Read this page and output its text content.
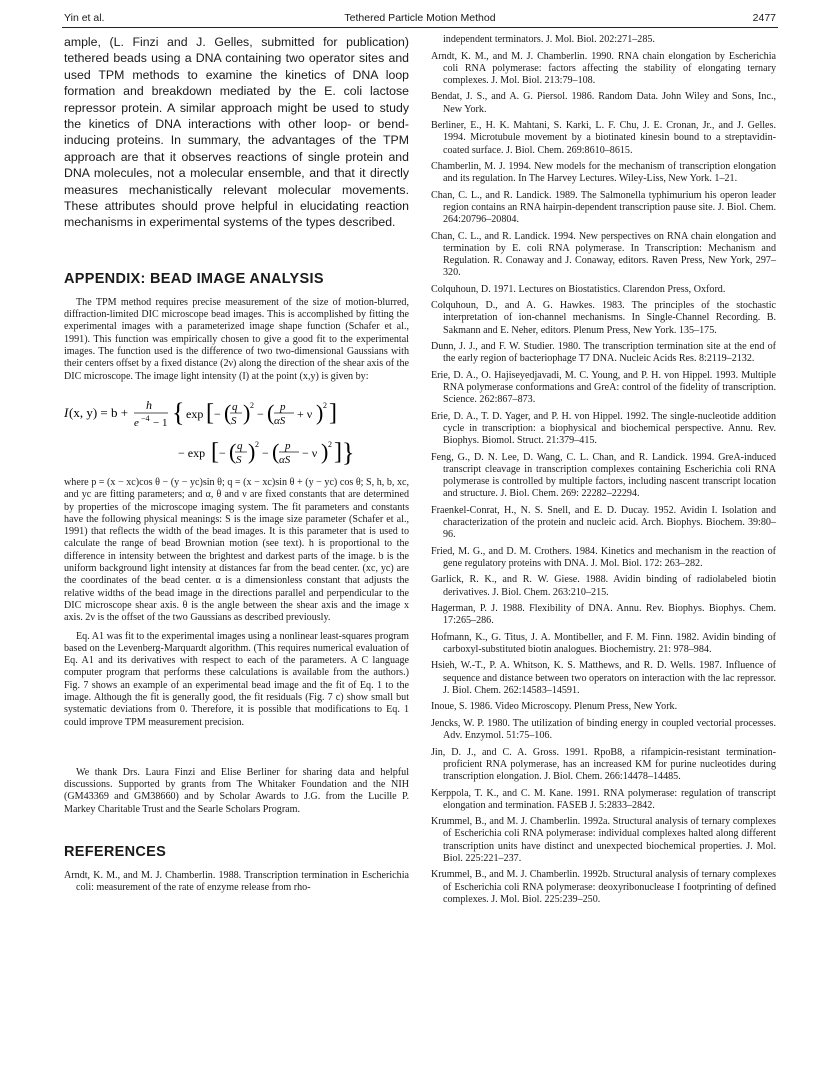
Yin et al.	Tethered Particle Motion Method	2477

ample, (L. Finzi and J. Gelles, submitted for publication) tethered beads using a DNA containing two operator sites and used TPM methods to examine the kinetics of DNA loop formation and breakdown mediated by the E. coli lactose repressor protein. A similar approach might be used to study the kinetics of DNA interactions with other loop- or bend-inducing proteins. In summary, the advantages of the TPM approach are that it observes reactions of single protein and DNA molecules, not a molecular ensemble, and that it directly measures mechanistically relevant molecular movements. These attributes should prove helpful in elucidating reaction mechanisms in experimental systems of the types described.

APPENDIX: BEAD IMAGE ANALYSIS

The TPM method requires precise measurement of the size of motion-blurred, diffraction-limited DIC microscope bead images. This is accomplished by fitting the experimental images with a parameterized image shape function (Schafer et al., 1991). This function was empirically chosen to give a good fit to the experimental images. The function used is the difference of two two-dimensional Gaussians with their centers offset by a fixed distance (2ν) along the direction of the shear axis of the DIC microscope. The image light intensity (I) at the point (x,y) is given by:

I (x, y) = b + h
e −4 − 1 { exp [ − ( q
S ) 2
− ( p
αS + ν ) 2 ]
− exp [ − ( q
S ) 2
− ( p
αS − ν ) 2 ] }

where p = (x − xc)cos θ − (y − yc)sin θ; q = (x − xc)sin θ + (y − yc) cos θ; S, h, b, xc, and yc are fitting parameters; and α, θ and ν are fixed constants that are determined by properties of the microscope imaging system. The fit parameters and constants have the following physical meanings: S is the image size parameter (Schafer et al., 1991) that reflects the width of the bead images. It is this parameter that is used to calculate the range of bead Brownian motion (see text). h is proportional to the difference in intensity between the brightest and darkest parts of the image. b is the uniform background light intensity at distances far from the bead center. (xc, yc) are the coordinates of the bead center. α is a dimensionless constant that adjusts the relative widths of the bead image in the directions parallel and perpendicular to the DIC microscope shear axis. θ is the angle between the shear axis and the image x axis. 2ν is the offset of the two Gaussians as described previously.

Eq. A1 was fit to the experimental images using a nonlinear least-squares program based on the Levenberg-Marquardt algorithm. (This requires numerical evaluation of Eq. A1 and its derivatives with respect to each of the parameters. A C language computer program that performs these calculations is available from the authors.) Fig. 7 shows an example of an experimental bead image and the fit of Eq. 1 to the image. Although the fit is generally good, the fit residuals (Fig. 7 c) show small but systematic deviations from 0. Therefore, it is possible that modifications to Eq. 1 could improve TPM measurement precision.

We thank Drs. Laura Finzi and Elise Berliner for sharing data and helpful discussions. Supported by grants from The Whitaker Foundation and the NIH (GM43369 and GM38660) and by Scholar Awards to J.G. from the Lucille P. Markey Charitable Trust and the Searle Scholars Program.

REFERENCES

Arndt, K. M., and M. J. Chamberlin. 1988. Transcription termination in Escherichia coli: measurement of the rate of enzyme release from rho-

independent terminators. J. Mol. Biol. 202:271–285.

Arndt, K. M., and M. J. Chamberlin. 1990. RNA chain elongation by Escherichia coli RNA polymerase: factors affecting the stability of elongating ternary complexes. J. Mol. Biol. 213:79–108.

Bendat, J. S., and A. G. Piersol. 1986. Random Data. John Wiley and Sons, Inc., New York.

Berliner, E., H. K. Mahtani, S. Karki, L. F. Chu, J. E. Cronan, Jr., and J. Gelles. 1994. Microtubule movement by a biotinated kinesin bound to a streptavidin-coated surface. J. Biol. Chem. 269:8610–8615.

Chamberlin, M. J. 1994. New models for the mechanism of transcription elongation and its regulation. In The Harvey Lectures. Wiley-Liss, New York. 1–21.

Chan, C. L., and R. Landick. 1989. The Salmonella typhimurium his operon leader region contains an RNA hairpin-dependent transcription pause site. J. Biol. Chem. 264:20796–20804.

Chan, C. L., and R. Landick. 1994. New perspectives on RNA chain elongation and termination by E. coli RNA polymerase. In Transcription: Mechanism and Regulation. R. Conaway and J. Conaway, editors. Raven Press, New York, 297–320.

Colquhoun, D. 1971. Lectures on Biostatistics. Clarendon Press, Oxford.

Colquhoun, D., and A. G. Hawkes. 1983. The principles of the stochastic interpretation of ion-channel mechanisms. In Single-Channel Recording. B. Sakmann and E. Neher, editors. Plenum Press, New York. 135–175.

Dunn, J. J., and F. W. Studier. 1980. The transcription termination site at the end of the early region of bacteriophage T7 DNA. Nucleic Acids Res. 8:2119–2132.

Erie, D. A., O. Hajiseyedjavadi, M. C. Young, and P. H. von Hippel. 1993. Multiple RNA polymerase conformations and GreA: control of the fidelity of transcription. Science. 262:867–873.

Erie, D. A., T. D. Yager, and P. H. von Hippel. 1992. The single-nucleotide addition cycle in transcription: a biophysical and biochemical perspective. Annu. Rev. Biophys. Biomol. Struct. 21:379–415.

Feng, G., D. N. Lee, D. Wang, C. L. Chan, and R. Landick. 1994. GreA-induced transcript cleavage in transcription complexes containing Escherichia coli RNA polymerase is controlled by multiple factors, including nascent transcript location and structure. J. Biol. Chem. 269: 22282–22294.

Fraenkel-Conrat, H., N. S. Snell, and E. D. Ducay. 1952. Avidin I. Isolation and characterization of the protein and nucleic acid. Arch. Biophys. Biochem. 39:80–96.

Fried, M. G., and D. M. Crothers. 1984. Kinetics and mechanism in the reaction of gene regulatory proteins with DNA. J. Mol. Biol. 172: 263–282.

Garlick, R. K., and R. W. Giese. 1988. Avidin binding of radiolabeled biotin derivatives. J. Biol. Chem. 263:210–215.

Hagerman, P. J. 1988. Flexibility of DNA. Annu. Rev. Biophys. Biophys. Chem. 17:265–286.

Hofmann, K., G. Titus, J. A. Montibeller, and F. M. Finn. 1982. Avidin binding of carboxyl-substituted biotin analogues. Biochemistry. 21: 978–984.

Hsieh, W.-T., P. A. Whitson, K. S. Matthews, and R. D. Wells. 1987. Influence of sequence and distance between two operators on interaction with the lac repressor. J. Biol. Chem. 262:14583–14591.

Inoue, S. 1986. Video Microscopy. Plenum Press, New York.

Jencks, W. P. 1980. The utilization of binding energy in coupled vectorial processes. Adv. Enzymol. 51:75–106.

Jin, D. J., and C. A. Gross. 1991. RpoB8, a rifampicin-resistant termination-proficient RNA polymerase, has an increased KM for purine nucleotides during transcription elongation. J. Biol. Chem. 266:14478–14485.

Kerppola, T. K., and C. M. Kane. 1991. RNA polymerase: regulation of transcript elongation and termination. FASEB J. 5:2833–2842.

Krummel, B., and M. J. Chamberlin. 1992a. Structural analysis of ternary complexes of Escherichia coli RNA polymerase: individual complexes halted along different transcription units have distinct and unexpected biochemical properties. J. Mol. Biol. 225:221–237.

Krummel, B., and M. J. Chamberlin. 1992b. Structural analysis of ternary complexes of Escherichia coli RNA polymerase: deoxyribonuclease I footprinting of defined complexes. J. Mol. Biol. 225:239–250.
